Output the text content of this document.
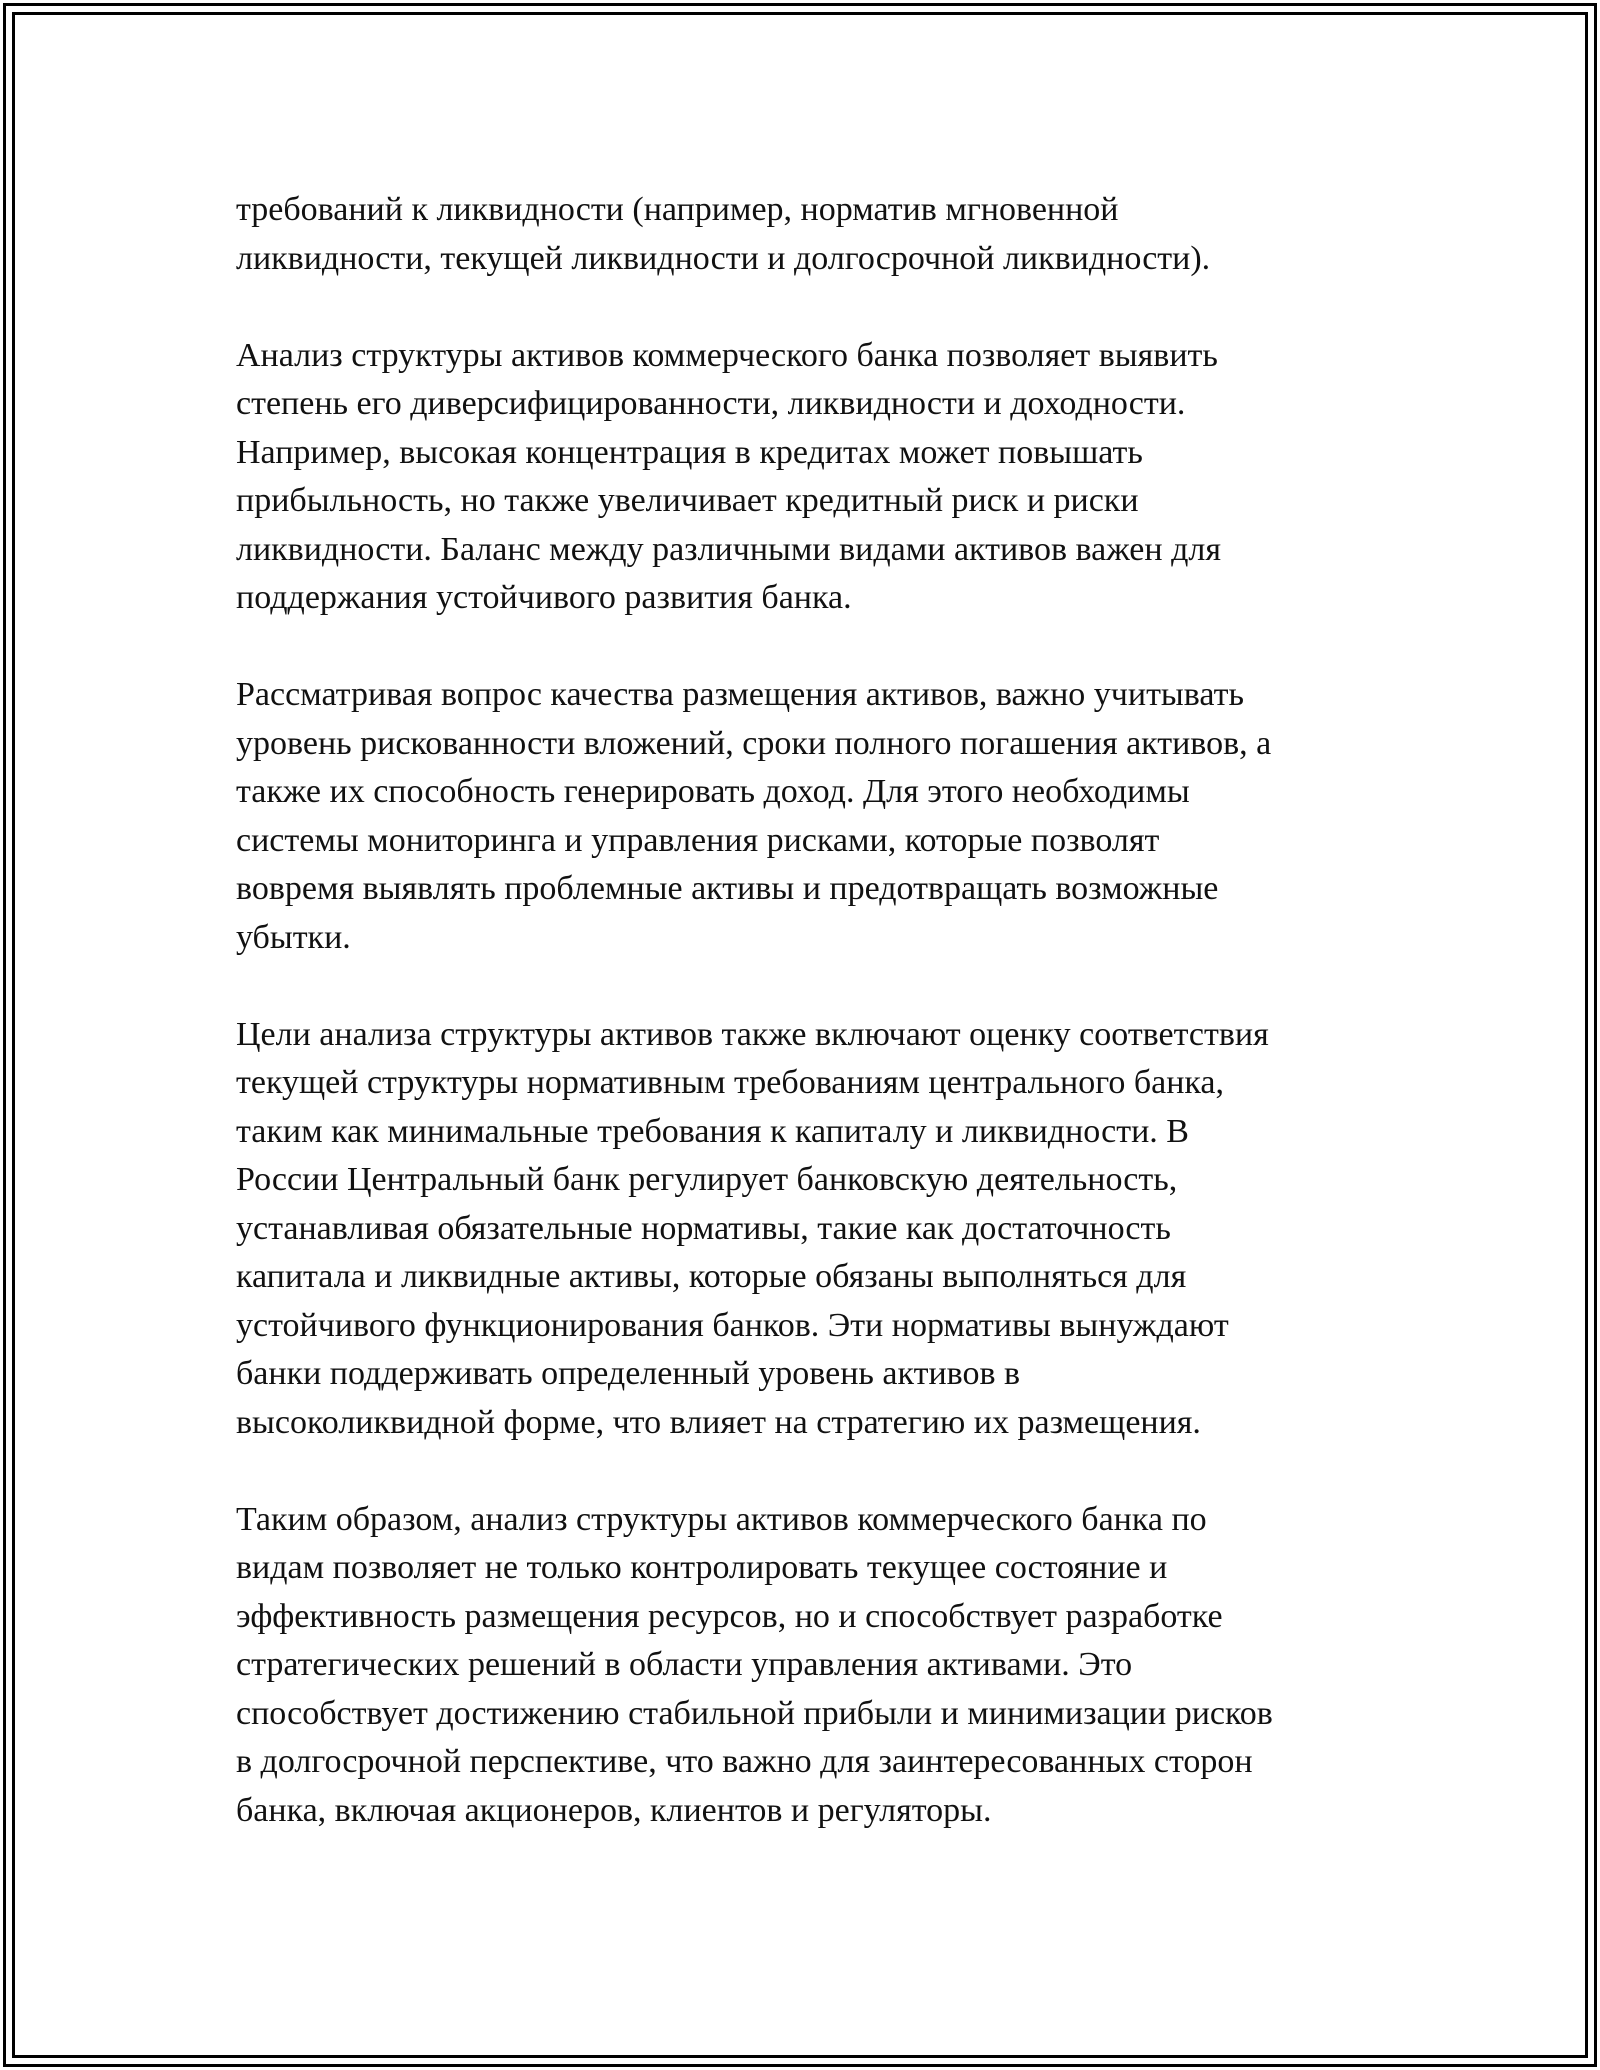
требований к ликвидности (например, норматив мгновенной
ликвидности, текущей ликвидности и долгосрочной ликвидности).

Анализ структуры активов коммерческого банка позволяет выявить
степень его диверсифицированности, ликвидности и доходности.
Например, высокая концентрация в кредитах может повышать
прибыльность, но также увеличивает кредитный риск и риски
ликвидности. Баланс между различными видами активов важен для
поддержания устойчивого развития банка.

Рассматривая вопрос качества размещения активов, важно учитывать
уровень рискованности вложений, сроки полного погашения активов, а
также их способность генерировать доход. Для этого необходимы
системы мониторинга и управления рисками, которые позволят
вовремя выявлять проблемные активы и предотвращать возможные
убытки.

Цели анализа структуры активов также включают оценку соответствия
текущей структуры нормативным требованиям центрального банка,
таким как минимальные требования к капиталу и ликвидности. В
России Центральный банк регулирует банковскую деятельность,
устанавливая обязательные нормативы, такие как достаточность
капитала и ликвидные активы, которые обязаны выполняться для
устойчивого функционирования банков. Эти нормативы вынуждают
банки поддерживать определенный уровень активов в
высоколиквидной форме, что влияет на стратегию их размещения.

Таким образом, анализ структуры активов коммерческого банка по
видам позволяет не только контролировать текущее состояние и
эффективность размещения ресурсов, но и способствует разработке
стратегических решений в области управления активами. Это
способствует достижению стабильной прибыли и минимизации рисков
в долгосрочной перспективе, что важно для заинтересованных сторон
банка, включая акционеров, клиентов и регуляторы.
